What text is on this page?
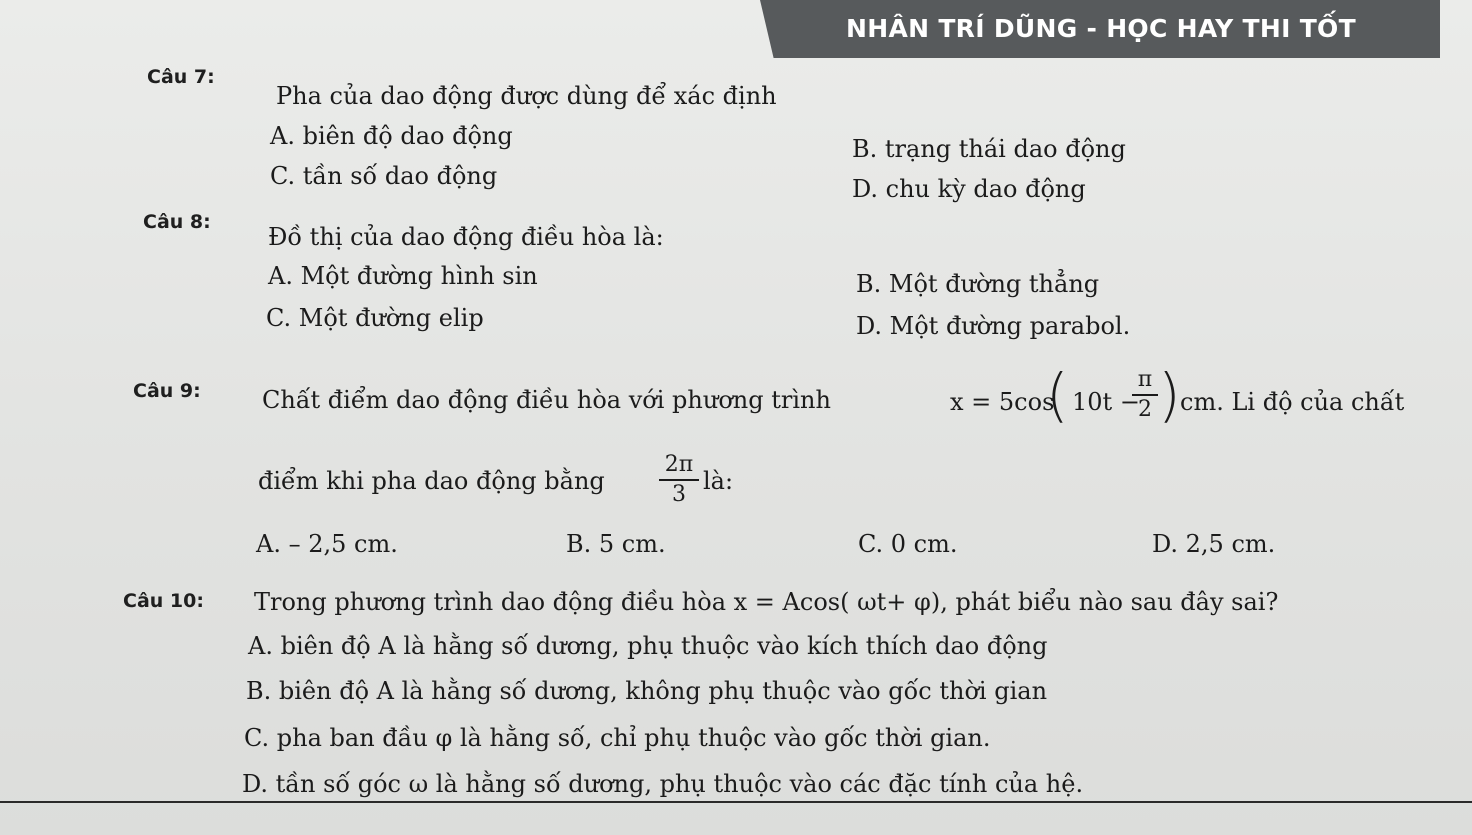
NHÂN TRÍ DŨNG - HỌC HAY THI TỐT
Câu 7:
Pha của dao động được dùng để xác định
A. biên độ dao động	B. trạng thái dao động
C. tần số dao động	D. chu kỳ dao động
Câu 8:
Đồ thị của dao động điều hòa là:
A. Một đường hình sin	B. Một đường thẳng
C. Một đường elip	D. Một đường parabol.
Câu 9:	Chất điểm dao động điều hòa với phương trình	x = 5cos
( 10t −
π
2 ) cm. Li độ của chất
điểm khi pha dao động bằng
2π
3 là:
A. – 2,5 cm.	B. 5 cm.	C. 0 cm.	D. 2,5 cm.
Câu 10: Trong phương trình dao động điều hòa x = Acos( ωt+ φ), phát biểu nào sau đây sai?
A. biên độ A là hằng số dương, phụ thuộc vào kích thích dao động
B. biên độ A là hằng số dương, không phụ thuộc vào gốc thời gian
C. pha ban đầu φ là hằng số, chỉ phụ thuộc vào gốc thời gian.
D. tần số góc ω là hằng số dương, phụ thuộc vào các đặc tính của hệ.
